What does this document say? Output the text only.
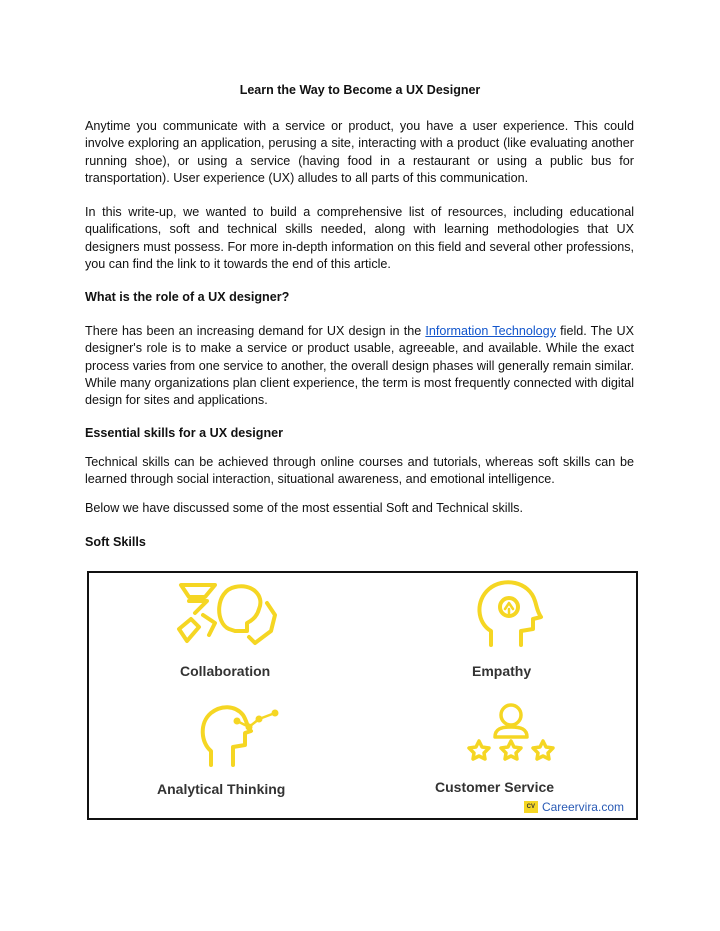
Learn the Way to Become a UX Designer

Anytime you communicate with a service or product, you have a user experience. This could involve exploring an application, perusing a site, interacting with a product (like evaluating another running shoe), or using a service (having food in a restaurant or using a public bus for transportation). User experience (UX) alludes to all parts of this communication.

In this write-up, we wanted to build a comprehensive list of resources, including educational qualifications, soft and technical skills needed, along with learning methodologies that UX designers must possess. For more in-depth information on this field and several other professions, you can find the link to it towards the end of this article.

What is the role of a UX designer?

There has been an increasing demand for UX design in the Information Technology field. The UX designer's role is to make a service or product usable, agreeable, and available. While the exact process varies from one service to another, the overall design phases will generally remain similar. While many organizations plan client experience, the term is most frequently connected with digital design for sites and applications.

Essential skills for a UX designer

Technical skills can be achieved through online courses and tutorials, whereas soft skills can be learned through social interaction, situational awareness, and emotional intelligence.

Below we have discussed some of the most essential Soft and Technical skills.

Soft Skills

Collaboration	Empathy
Analytical Thinking	Customer Service
CV Careervira.com
